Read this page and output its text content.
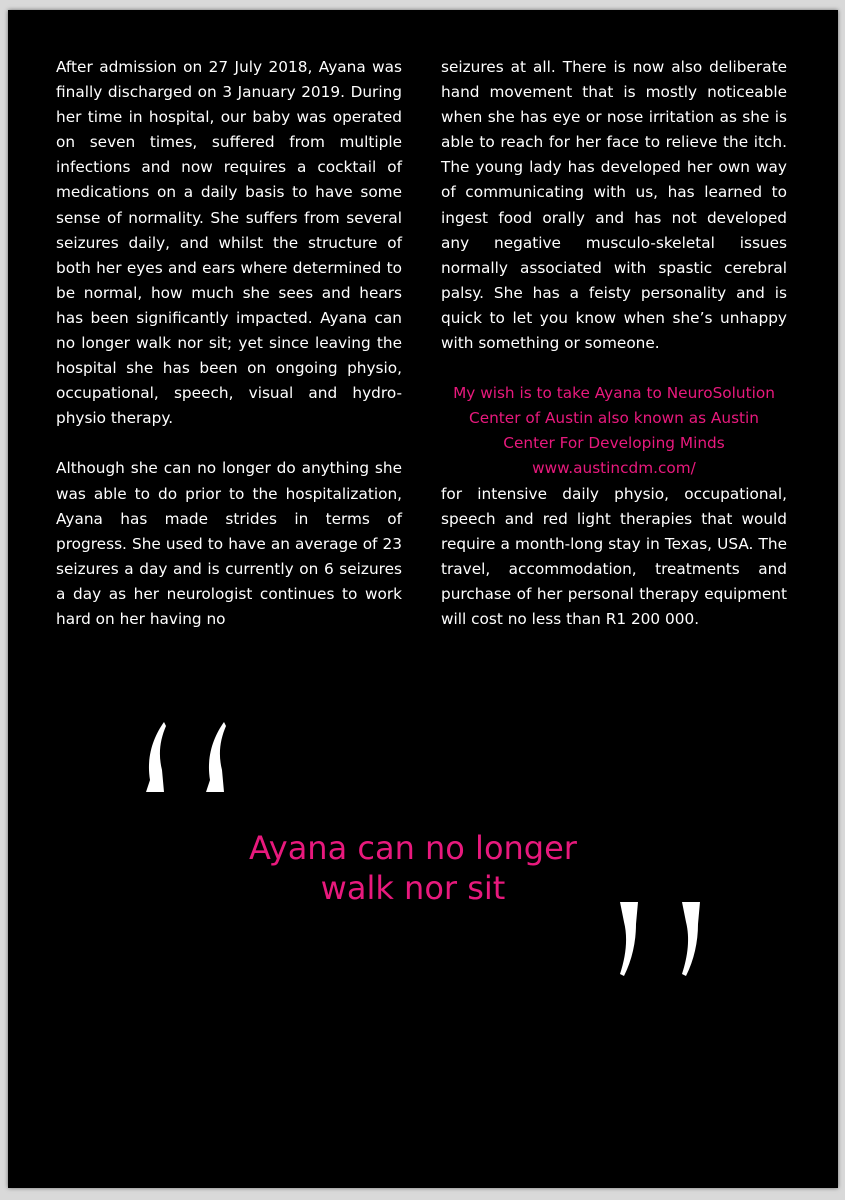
After admission on 27 July 2018, Ayana was finally discharged on 3 January 2019. During her time in hospital, our baby was operated on seven times, suffered from multiple infections and now requires a cocktail of medications on a daily basis to have some sense of normality. She suffers from several seizures daily, and whilst the structure of both her eyes and ears where determined to be normal, how much she sees and hears has been significantly impacted. Ayana can no longer walk nor sit; yet since leaving the hospital she has been on ongoing physio, occupational, speech, visual and hydro-physio therapy.

Although she can no longer do anything she was able to do prior to the hospitalization, Ayana has made strides in terms of progress. She used to have an average of 23 seizures a day and is currently on 6 seizures a day as her neurologist continues to work hard on her having no

seizures at all. There is now also deliberate hand movement that is mostly noticeable when she has eye or nose irritation as she is able to reach for her face to relieve the itch. The young lady has developed her own way of communicating with us, has learned to ingest food orally and has not developed any negative musculo-skeletal issues normally associated with spastic cerebral palsy. She has a feisty personality and is quick to let you know when she’s unhappy with something or someone.

My wish is to take Ayana to NeuroSolution
Center of Austin also known as Austin
Center For Developing Minds
www.austincdm.com/

for intensive daily physio, occupational, speech and red light therapies that would require a month-long stay in Texas, USA. The travel, accommodation, treatments and purchase of her personal therapy equipment will cost no less than R1 200 000.

Ayana can no longer
walk nor sit
